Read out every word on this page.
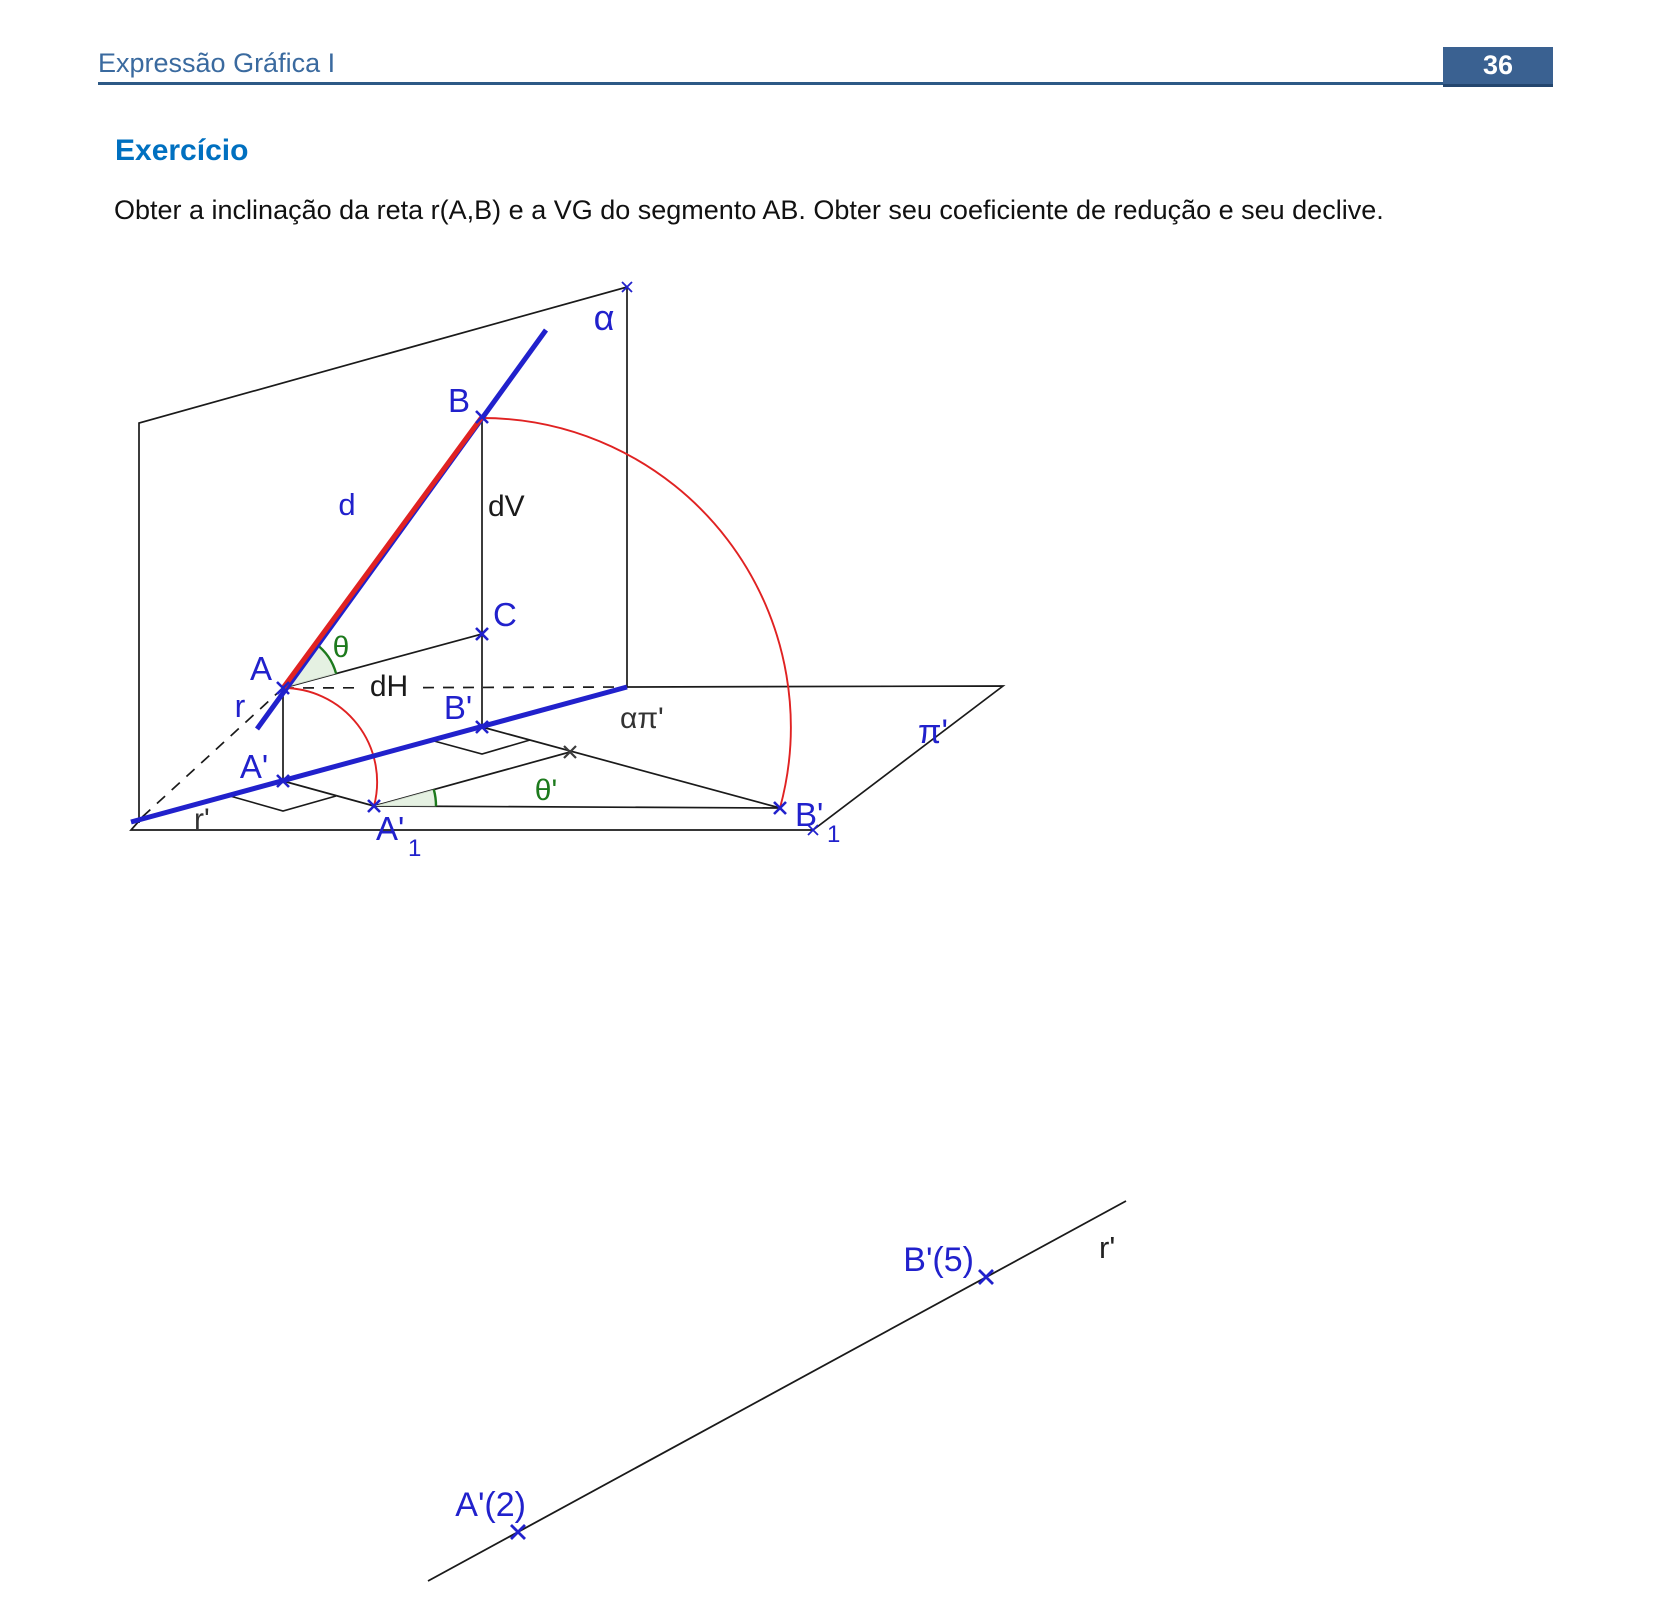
Expressão Gráfica I	36
Exercício
Obter a inclinação da reta r(A,B) e a VG do segmento AB. Obter seu coeficiente de redução e seu declive.
α
B
d	dV
C
θ
A	dH
r	B'	απ'	π'
A'
θ'
A'
1
B'
1
r'
A'(2)
B'(5)	r'
